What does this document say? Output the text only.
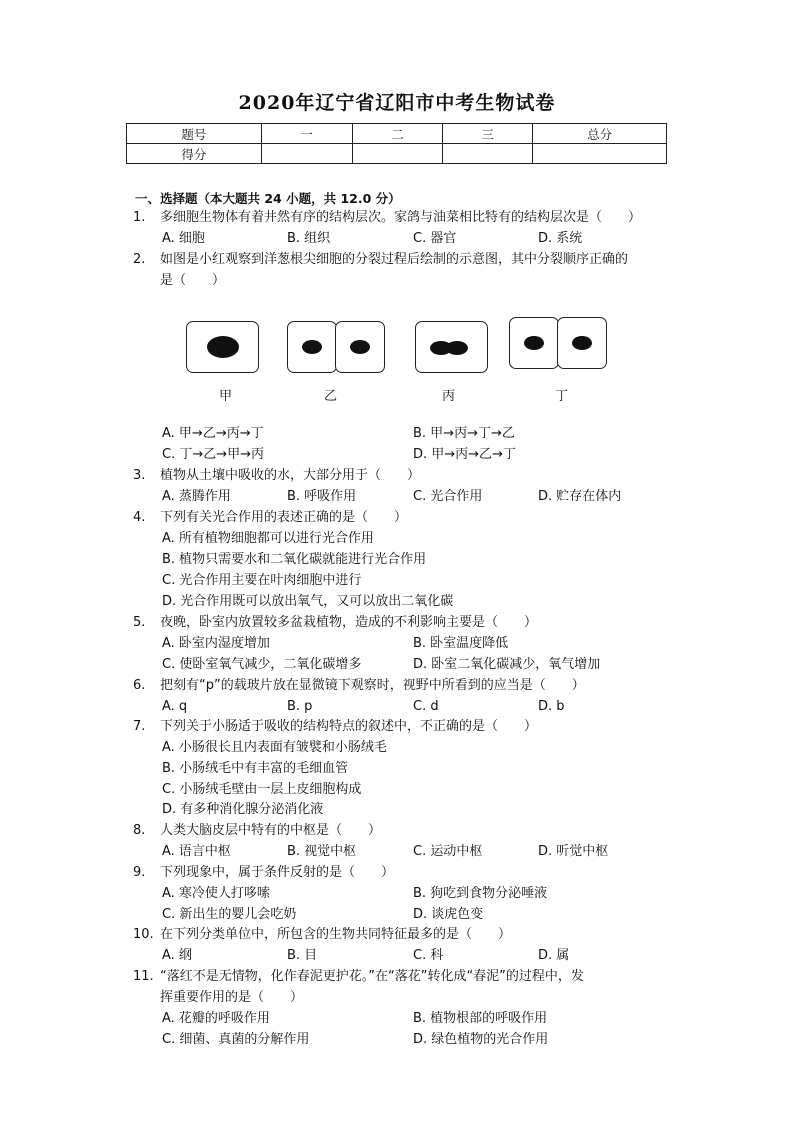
2020年辽宁省辽阳市中考生物试卷
题号	一	二	三	总分
得分				
一、选择题（本大题共 24 小题，共 12.0 分）
1.	多细胞生物体有着井然有序的结构层次。家鸽与油菜相比特有的结构层次是（　　）
A. 细胞	B. 组织	C. 器官	D. 系统
2.	如图是小红观察到洋葱根尖细胞的分裂过程后绘制的示意图，其中分裂顺序正确的
是（　　）
甲	乙	丙	丁
A. 甲→乙→丙→丁	B. 甲→丙→丁→乙
C. 丁→乙→甲→丙	D. 甲→丙→乙→丁
3.	植物从土壤中吸收的水，大部分用于（　　）
A. 蒸腾作用	B. 呼吸作用	C. 光合作用	D. 贮存在体内
4.	下列有关光合作用的表述正确的是（　　）
A. 所有植物细胞都可以进行光合作用
B. 植物只需要水和二氧化碳就能进行光合作用
C. 光合作用主要在叶肉细胞中进行
D. 光合作用既可以放出氧气，又可以放出二氧化碳
5.	夜晚，卧室内放置较多盆栽植物，造成的不利影响主要是（　　）
A. 卧室内湿度增加	B. 卧室温度降低
C. 使卧室氧气减少，二氧化碳增多	D. 卧室二氧化碳减少，氧气增加
6.	把刻有“p”的载玻片放在显微镜下观察时，视野中所看到的应当是（　　）
A. q	B. p	C. d	D. b
7.	下列关于小肠适于吸收的结构特点的叙述中，不正确的是（　　）
A. 小肠很长且内表面有皱襞和小肠绒毛
B. 小肠绒毛中有丰富的毛细血管
C. 小肠绒毛壁由一层上皮细胞构成
D. 有多种消化腺分泌消化液
8.	人类大脑皮层中特有的中枢是（　　）
A. 语言中枢	B. 视觉中枢	C. 运动中枢	D. 听觉中枢
9.	下列现象中，属于条件反射的是（　　）
A. 寒冷使人打哆嗦	B. 狗吃到食物分泌唾液
C. 新出生的婴儿会吃奶	D. 谈虎色变
10. 在下列分类单位中，所包含的生物共同特征最多的是（　　）
A. 纲	B. 目	C. 科	D. 属
11. “落红不是无情物，化作春泥更护花。”在“落花”转化成“春泥”的过程中，发
挥重要作用的是（　　）
A. 花瓣的呼吸作用	B. 植物根部的呼吸作用
C. 细菌、真菌的分解作用	D. 绿色植物的光合作用
